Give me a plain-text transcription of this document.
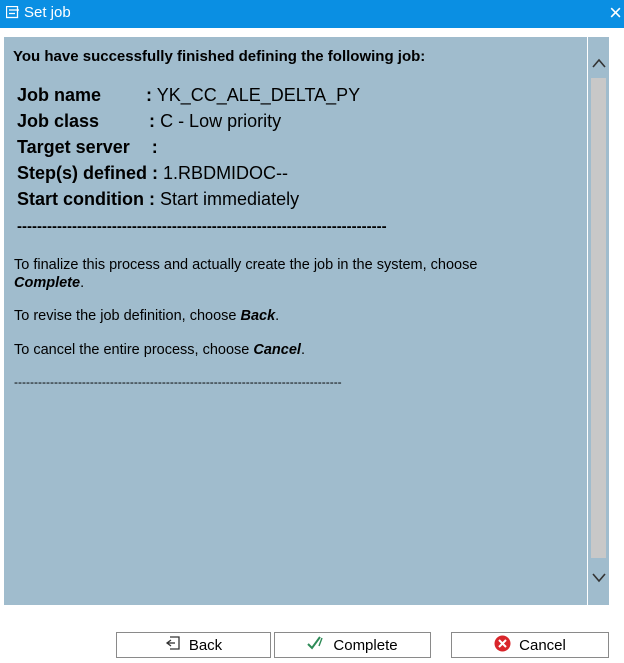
Set job	×
You have successfully finished defining the following job:
Job name	: YK_CC_ALE_DELTA_PY
Job class	: C - Low priority
Target server :
Step(s) defined : 1.RBDMIDOC--
Start condition : Start immediately
--------------------------------------------------------------------------
To finalize this process and actually create the job in the system, choose
Complete.
To revise the job definition, choose Back.
To cancel the entire process, choose Cancel.
----------------------------------------------------------------------------------
Back	Complete	Cancel
